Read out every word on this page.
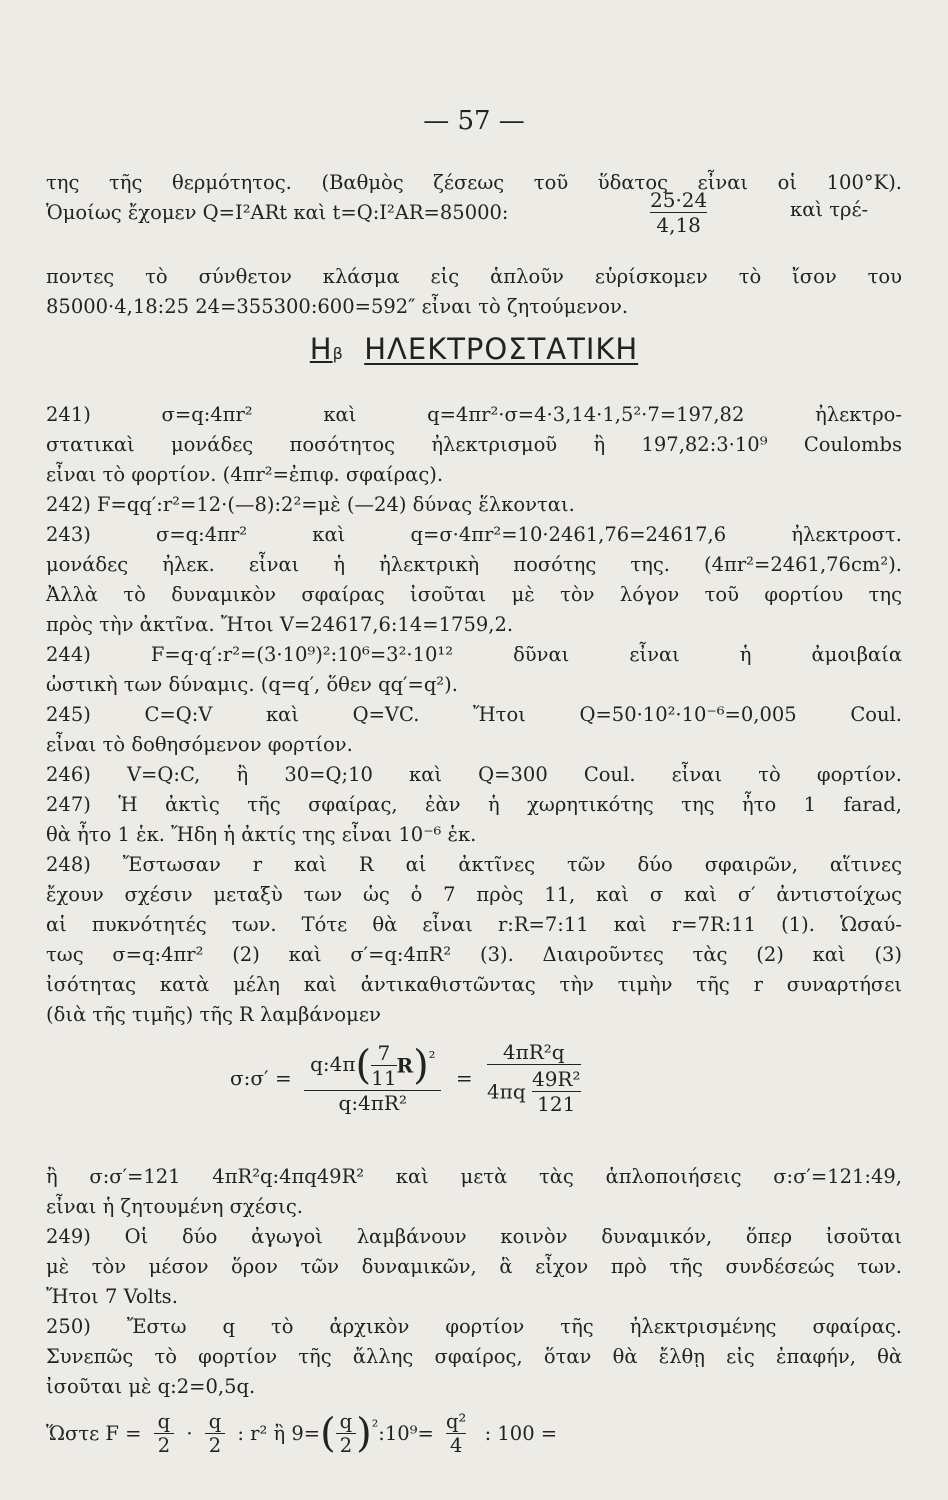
— 57 —
της τῆς θερμότητος. (Βαθμὸς ζέσεως τοῦ ὕδατος εἶναι οἱ 100°K).
Ὁμοίως ἔχομεν Q=I²ARt καὶ t=Q:I²AR=85000:	$\frac{25\cdot 24}{4,18}$	καὶ τρέ-
ποντες τὸ σύνθετον κλάσμα εἰς ἁπλοῦν εὑρίσκομεν τὸ ἴσον του
85000·4,18:25 24=355300:600=592″ εἶναι τὸ ζητούμενον.
Hβ ΗΛΕΚΤΡΟΣΤΑΤΙΚΗ
241) σ=q:4πr² καὶ q=4πr²·σ=4·3,14·1,5²·7=197,82 ἠλεκτρο-
στατικαὶ μονάδες ποσότητος ἠλεκτρισμοῦ ἢ 197,82:3·10⁹ Coulombs
εἶναι τὸ φορτίον. (4πr²=ἐπιφ. σφαίρας).
242) F=qq′:r²=12·(—8):2²=μὲ (—24) δύνας ἕλκονται.
243) σ=q:4πr² καὶ q=σ·4πr²=10·2461,76=24617,6 ἠλεκτροστ.
μονάδες ἠλεκ. εἶναι ἡ ἠλεκτρικὴ ποσότης της. (4πr²=2461,76cm²).
Ἀλλὰ τὸ δυναμικὸν σφαίρας ἰσοῦται μὲ τὸν λόγον τοῦ φορτίου της
πρὸς τὴν ἀκτῖνα. Ἤτοι V=24617,6:14=1759,2.
244) F=q·q′:r²=(3·10⁹)²:10⁶=3²·10¹² δῦναι εἶναι ἡ ἀμοιβαία
ὠστικὴ των δύναμις. (q=q′, ὅθεν qq′=q²).
245) C=Q:V καὶ Q=VC. Ἤτοι Q=50·10²·10⁻⁶=0,005 Coul.
εἶναι τὸ δοθησόμενον φορτίον.
246) V=Q:C, ἢ 30=Q;10 καὶ Q=300 Coul. εἶναι τὸ φορτίον.
247) Ἡ ἀκτὶς τῆς σφαίρας, ἐὰν ἡ χωρητικότης της ἦτο 1 farad,
θὰ ἦτο 1 ἑκ. Ἤδη ἡ ἀκτίς της εἶναι 10⁻⁶ ἑκ.
248) Ἔστωσαν r καὶ R αἱ ἀκτῖνες τῶν δύο σφαιρῶν, αἵτινες
ἔχουν σχέσιν μεταξὺ των ὡς ὁ 7 πρὸς 11, καὶ σ καὶ σ′ ἀντιστοίχως
αἱ πυκνότητές των. Τότε θὰ εἶναι r:R=7:11 καὶ r=7R:11 (1). Ὡσαύ-
τως σ=q:4πr² (2) καὶ σ′=q:4πR² (3). Διαιροῦντες τὰς (2) καὶ (3)
ἰσότητας κατὰ μέλη καὶ ἀντικαθιστῶντας τὴν τιμὴν τῆς r συναρτήσει
(διὰ τῆς τιμῆς) τῆς R λαμβάνομεν
σ:σ′ = $\frac{q:4\pi( \frac{7}{11} R)^{^2}}{\text{q:4πR²}} = \frac{\text{4πR²q}}{4\pi q \frac{\text{49R²}}{121}}$
ἢ σ:σ′=121 4πR²q:4πq49R² καὶ μετὰ τὰς ἁπλοποιήσεις σ:σ′=121:49,
εἶναι ἡ ζητουμένη σχέσις.
249) Οἱ δύο ἀγωγοὶ λαμβάνουν κοινὸν δυναμικόν, ὅπερ ἰσοῦται
μὲ τὸν μέσον ὅρον τῶν δυναμικῶν, ἃ εἶχον πρὸ τῆς συνδέσεώς των.
Ἤτοι 7 Volts.
250) Ἔστω q τὸ ἀρχικὸν φορτίον τῆς ἠλεκτρισμένης σφαίρας.
Συνεπῶς τὸ φορτίον τῆς ἄλλης σφαίρος, ὅταν θὰ ἔλθῃ εἰς ἐπαφήν, θὰ
ἰσοῦται μὲ q:2=0,5q.
Ὥστε $F = \frac{q}{2} \cdot \frac{q}{2}$ : r² ἢ $9=( \frac{q}{2}$ )$^{^2}:10^9= \frac{\text{q²}}{4}$ : 100 =
